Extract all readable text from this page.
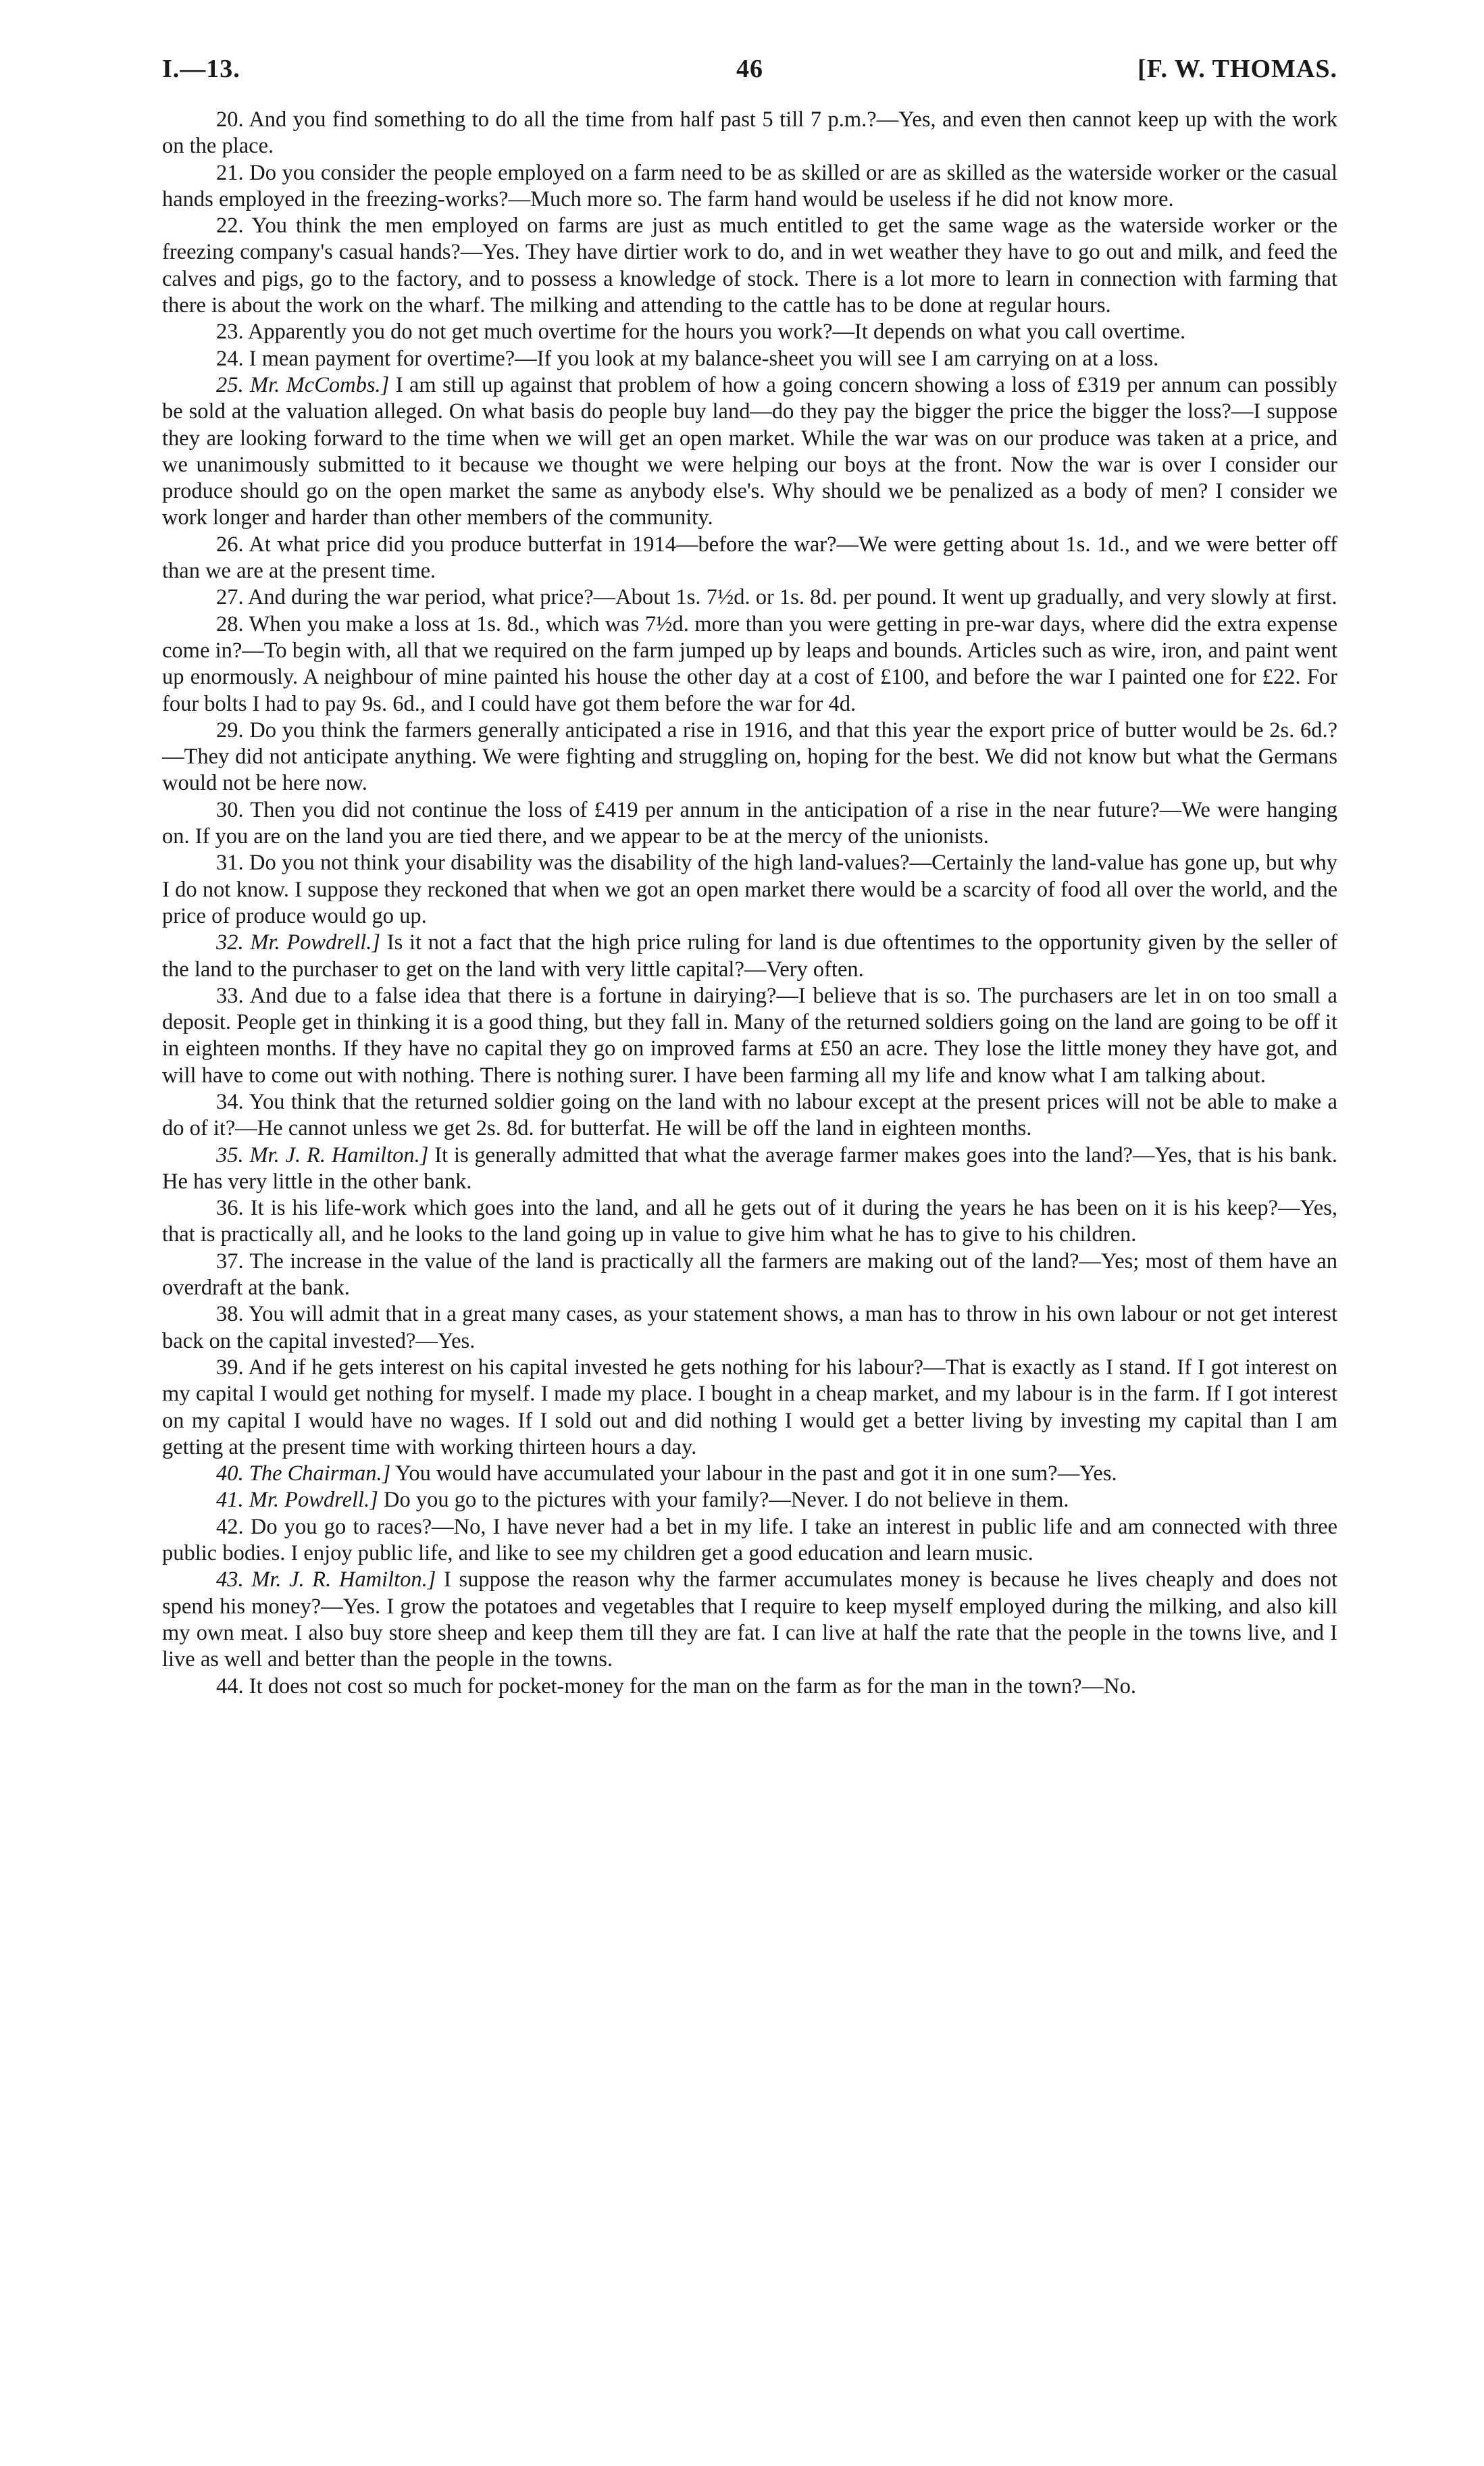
I.—13.	46	[F. W. THOMAS.

20. And you find something to do all the time from half past 5 till 7 p.m.?—Yes, and even then cannot keep up with the work on the place.

21. Do you consider the people employed on a farm need to be as skilled or are as skilled as the waterside worker or the casual hands employed in the freezing-works?—Much more so. The farm hand would be useless if he did not know more.

22. You think the men employed on farms are just as much entitled to get the same wage as the waterside worker or the freezing company's casual hands?—Yes. They have dirtier work to do, and in wet weather they have to go out and milk, and feed the calves and pigs, go to the factory, and to possess a knowledge of stock. There is a lot more to learn in connection with farming that there is about the work on the wharf. The milking and attending to the cattle has to be done at regular hours.

23. Apparently you do not get much overtime for the hours you work?—It depends on what you call overtime.

24. I mean payment for overtime?—If you look at my balance-sheet you will see I am carrying on at a loss.

25. Mr. McCombs.] I am still up against that problem of how a going concern showing a loss of £319 per annum can possibly be sold at the valuation alleged. On what basis do people buy land—do they pay the bigger the price the bigger the loss?—I suppose they are looking forward to the time when we will get an open market. While the war was on our produce was taken at a price, and we unanimously submitted to it because we thought we were helping our boys at the front. Now the war is over I consider our produce should go on the open market the same as anybody else's. Why should we be penalized as a body of men? I consider we work longer and harder than other members of the community.

26. At what price did you produce butterfat in 1914—before the war?—We were getting about 1s. 1d., and we were better off than we are at the present time.

27. And during the war period, what price?—About 1s. 7½d. or 1s. 8d. per pound. It went up gradually, and very slowly at first.

28. When you make a loss at 1s. 8d., which was 7½d. more than you were getting in pre-war days, where did the extra expense come in?—To begin with, all that we required on the farm jumped up by leaps and bounds. Articles such as wire, iron, and paint went up enormously. A neighbour of mine painted his house the other day at a cost of £100, and before the war I painted one for £22. For four bolts I had to pay 9s. 6d., and I could have got them before the war for 4d.

29. Do you think the farmers generally anticipated a rise in 1916, and that this year the export price of butter would be 2s. 6d.?—They did not anticipate anything. We were fighting and struggling on, hoping for the best. We did not know but what the Germans would not be here now.

30. Then you did not continue the loss of £419 per annum in the anticipation of a rise in the near future?—We were hanging on. If you are on the land you are tied there, and we appear to be at the mercy of the unionists.

31. Do you not think your disability was the disability of the high land-values?—Certainly the land-value has gone up, but why I do not know. I suppose they reckoned that when we got an open market there would be a scarcity of food all over the world, and the price of produce would go up.

32. Mr. Powdrell.] Is it not a fact that the high price ruling for land is due oftentimes to the opportunity given by the seller of the land to the purchaser to get on the land with very little capital?—Very often.

33. And due to a false idea that there is a fortune in dairying?—I believe that is so. The purchasers are let in on too small a deposit. People get in thinking it is a good thing, but they fall in. Many of the returned soldiers going on the land are going to be off it in eighteen months. If they have no capital they go on improved farms at £50 an acre. They lose the little money they have got, and will have to come out with nothing. There is nothing surer. I have been farming all my life and know what I am talking about.

34. You think that the returned soldier going on the land with no labour except at the present prices will not be able to make a do of it?—He cannot unless we get 2s. 8d. for butterfat. He will be off the land in eighteen months.

35. Mr. J. R. Hamilton.] It is generally admitted that what the average farmer makes goes into the land?—Yes, that is his bank. He has very little in the other bank.

36. It is his life-work which goes into the land, and all he gets out of it during the years he has been on it is his keep?—Yes, that is practically all, and he looks to the land going up in value to give him what he has to give to his children.

37. The increase in the value of the land is practically all the farmers are making out of the land?—Yes; most of them have an overdraft at the bank.

38. You will admit that in a great many cases, as your statement shows, a man has to throw in his own labour or not get interest back on the capital invested?—Yes.

39. And if he gets interest on his capital invested he gets nothing for his labour?—That is exactly as I stand. If I got interest on my capital I would get nothing for myself. I made my place. I bought in a cheap market, and my labour is in the farm. If I got interest on my capital I would have no wages. If I sold out and did nothing I would get a better living by investing my capital than I am getting at the present time with working thirteen hours a day.

40. The Chairman.] You would have accumulated your labour in the past and got it in one sum?—Yes.

41. Mr. Powdrell.] Do you go to the pictures with your family?—Never. I do not believe in them.

42. Do you go to races?—No, I have never had a bet in my life. I take an interest in public life and am connected with three public bodies. I enjoy public life, and like to see my children get a good education and learn music.

43. Mr. J. R. Hamilton.] I suppose the reason why the farmer accumulates money is because he lives cheaply and does not spend his money?—Yes. I grow the potatoes and vegetables that I require to keep myself employed during the milking, and also kill my own meat. I also buy store sheep and keep them till they are fat. I can live at half the rate that the people in the towns live, and I live as well and better than the people in the towns.

44. It does not cost so much for pocket-money for the man on the farm as for the man in the town?—No.
